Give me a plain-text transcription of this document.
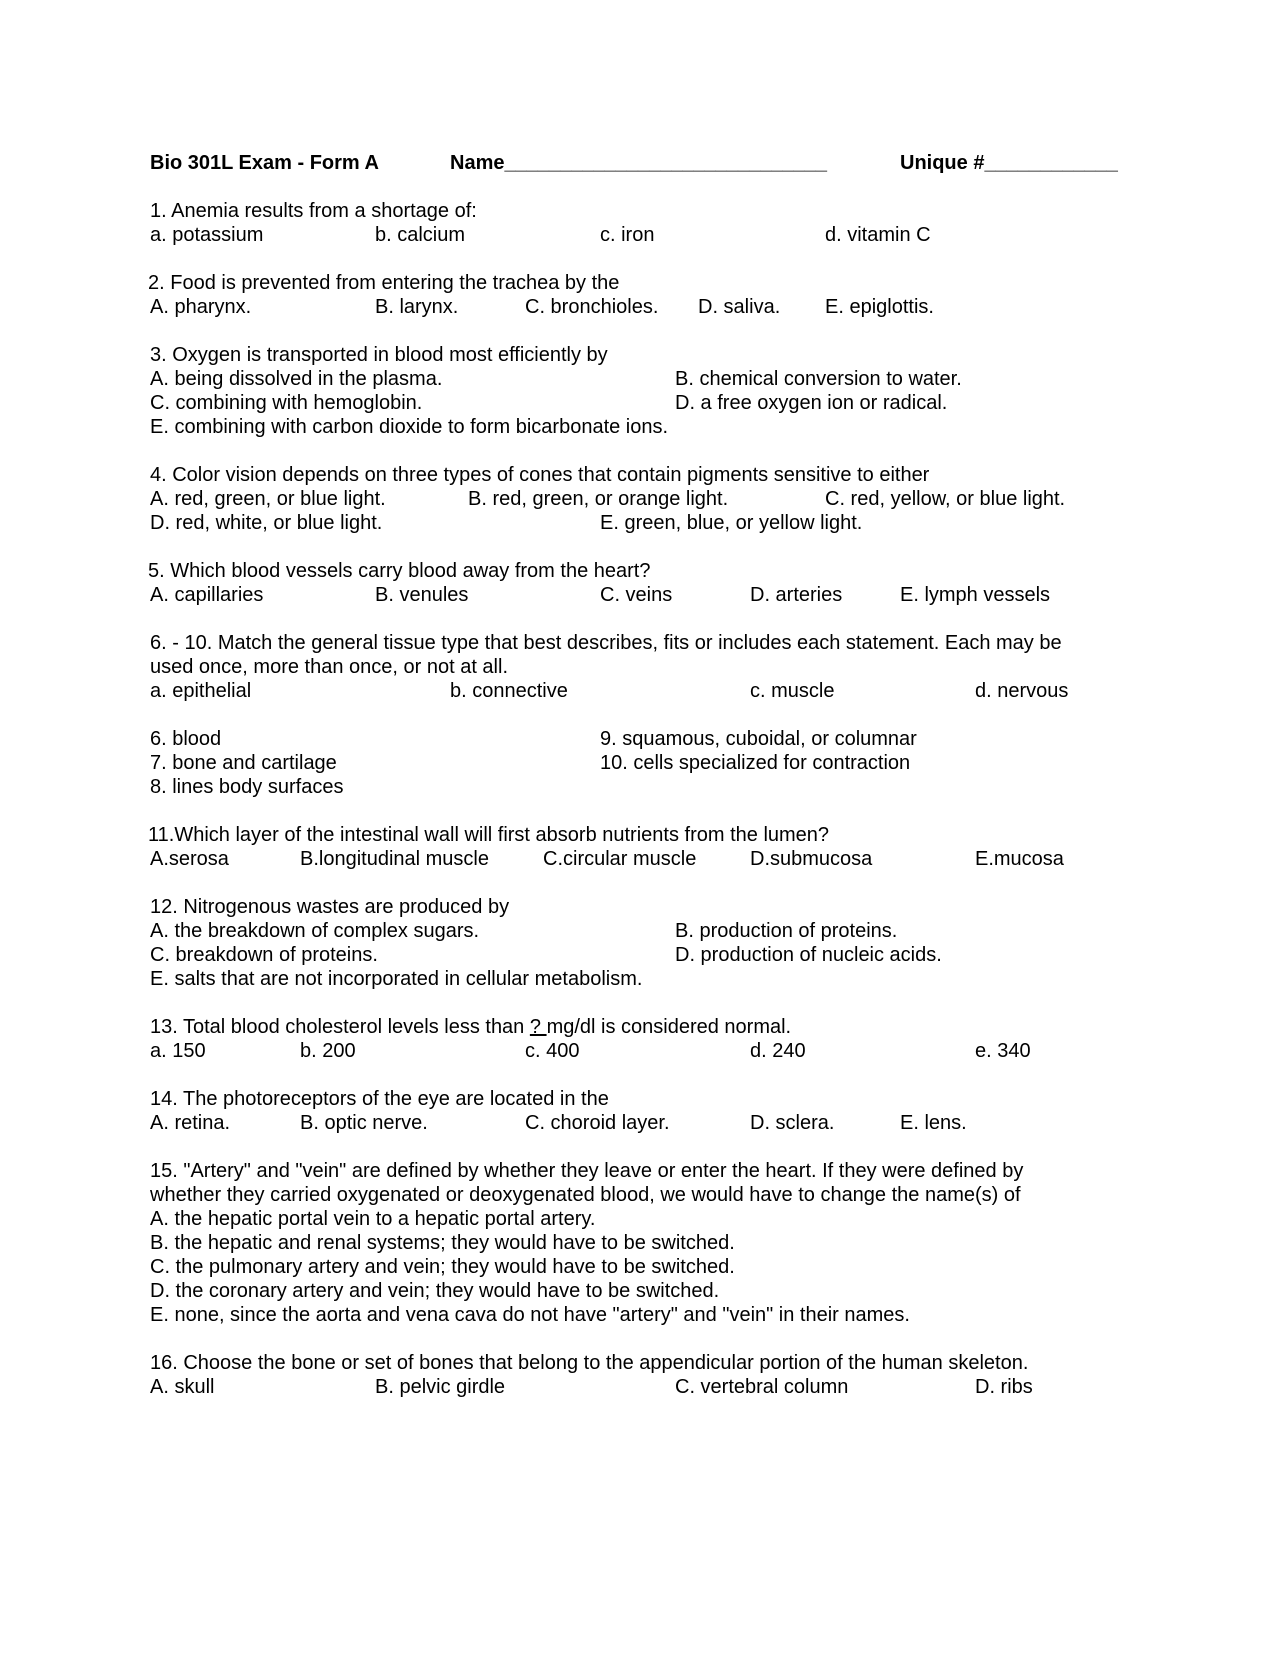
Bio 301L Exam - Form A	Name_____________________________	Unique #____________
1. Anemia results from a shortage of:
a. potassium	b. calcium	c. iron	d. vitamin C
2. Food is prevented from entering the trachea by the
A. pharynx.	B. larynx.	C. bronchioles. D. saliva. E. epiglottis.
3. Oxygen is transported in blood most efficiently by
A. being dissolved in the plasma.	B. chemical conversion to water.
C. combining with hemoglobin.	D. a free oxygen ion or radical.
E. combining with carbon dioxide to form bicarbonate ions.
4. Color vision depends on three types of cones that contain pigments sensitive to either
A. red, green, or blue light.	B. red, green, or orange light.	C. red, yellow, or blue light.
D. red, white, or blue light.	E. green, blue, or yellow light.
5. Which blood vessels carry blood away from the heart?
A. capillaries	B. venules	C. veins	D. arteries	E. lymph vessels
6. - 10. Match the general tissue type that best describes, fits or includes each statement. Each may be
used once, more than once, or not at all.
a. epithelial	b. connective	c. muscle	d. nervous
6. blood
7. bone and cartilage
8. lines body surfaces
9. squamous, cuboidal, or columnar
10. cells specialized for contraction
11.Which layer of the intestinal wall will first absorb nutrients from the lumen?
A.serosa	B.longitudinal muscle	C.circular muscle	D.submucosa	E.mucosa
12. Nitrogenous wastes are produced by
A. the breakdown of complex sugars.	B. production of proteins.
C. breakdown of proteins.	D. production of nucleic acids.
E. salts that are not incorporated in cellular metabolism.
13. Total blood cholesterol levels less than ? mg/dl is considered normal.
a. 150	b. 200	c. 400	d. 240	e. 340
14. The photoreceptors of the eye are located in the
A. retina.	B. optic nerve.	C. choroid layer.	D. sclera.	E. lens.
15. "Artery" and "vein" are defined by whether they leave or enter the heart. If they were defined by
whether they carried oxygenated or deoxygenated blood, we would have to change the name(s) of
A. the hepatic portal vein to a hepatic portal artery.
B. the hepatic and renal systems; they would have to be switched.
C. the pulmonary artery and vein; they would have to be switched.
D. the coronary artery and vein; they would have to be switched.
E. none, since the aorta and vena cava do not have "artery" and "vein" in their names.
16. Choose the bone or set of bones that belong to the appendicular portion of the human skeleton.
A. skull	B. pelvic girdle	C. vertebral column	D. ribs
